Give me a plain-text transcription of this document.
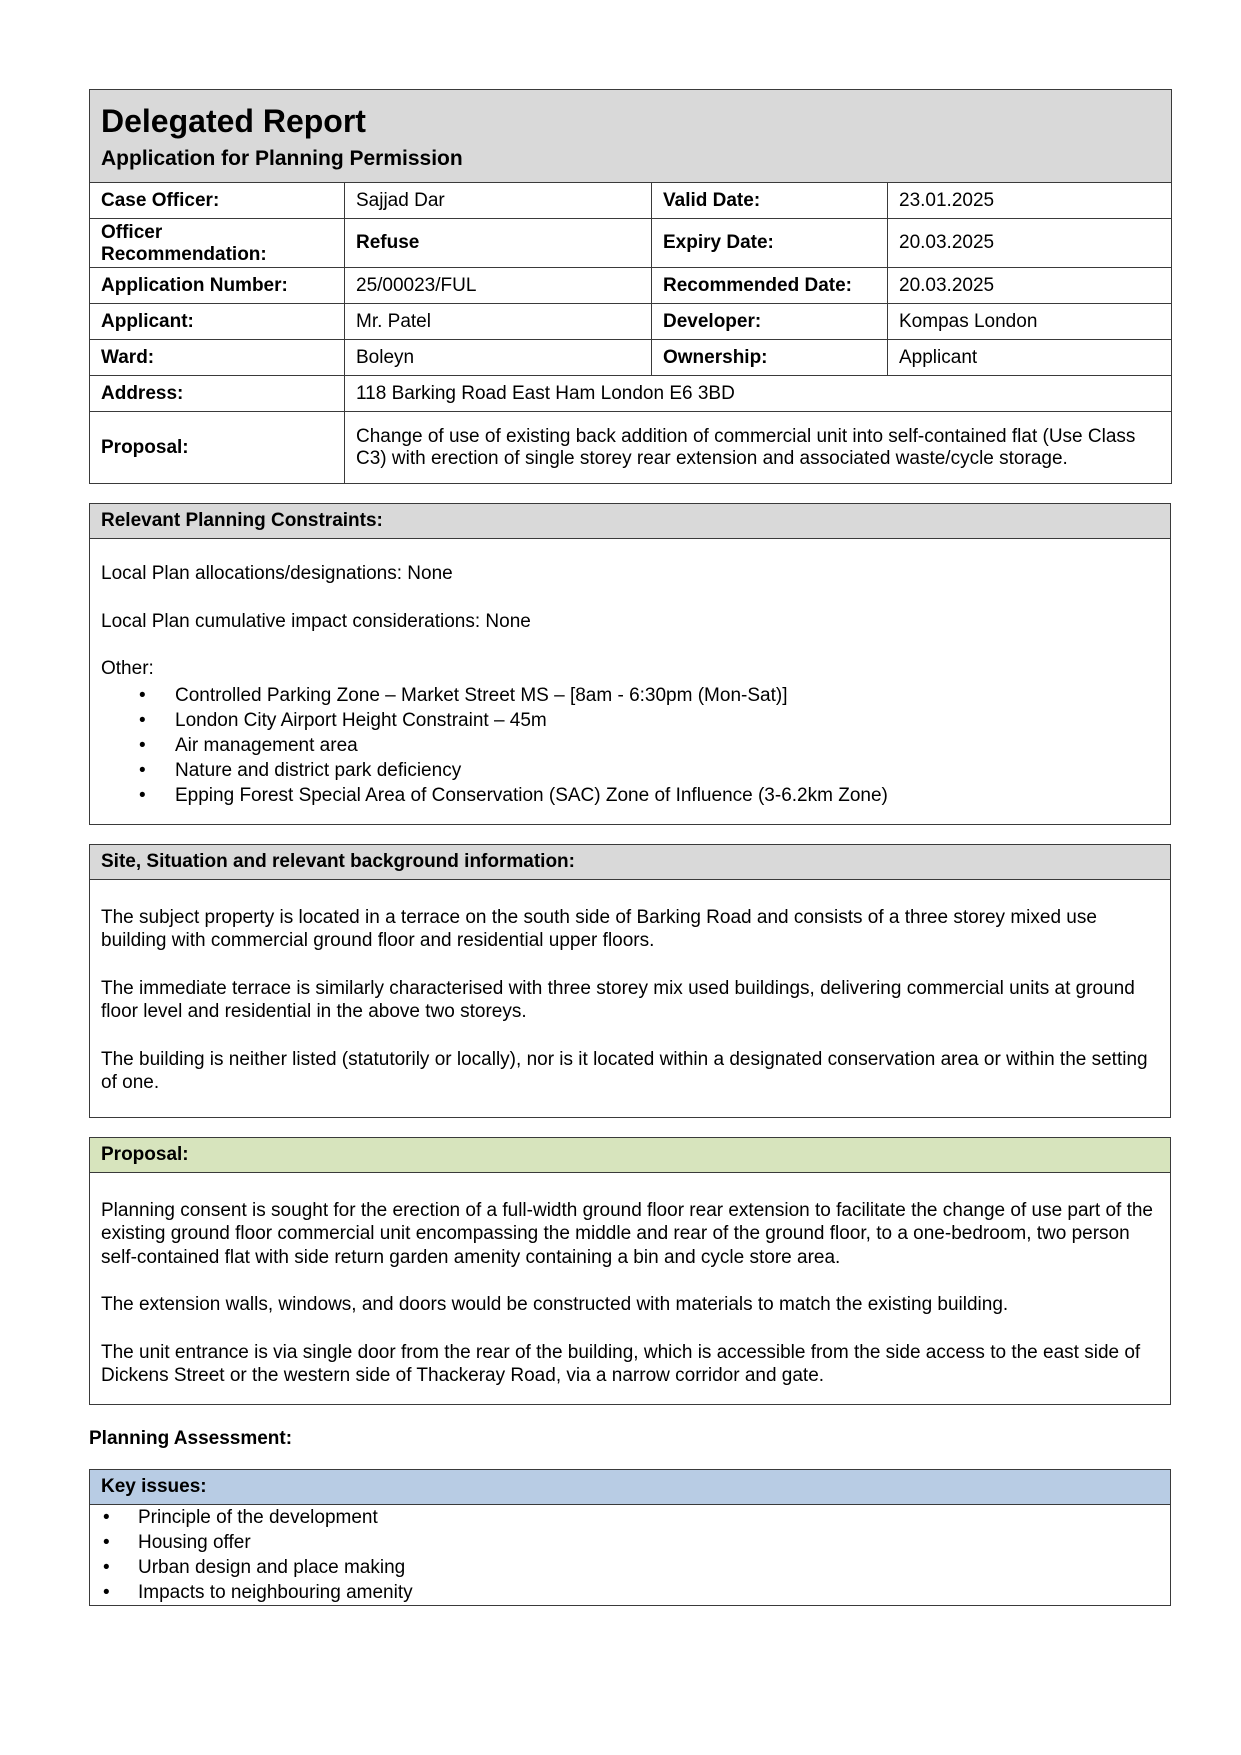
Delegated Report
Application for Planning Permission			

Case Officer:	Sajjad Dar	Valid Date:	23.01.2025
Officer Recommendation:	Refuse	Expiry Date:	20.03.2025
Application Number:	25/00023/FUL	Recommended Date:	20.03.2025
Applicant:	Mr. Patel	Developer:	Kompas London
Ward:	Boleyn	Ownership:	Applicant
Address:	118 Barking Road East Ham London E6 3BD		
Proposal:	Change of use of existing back addition of commercial unit into self-contained flat (Use Class C3) with erection of single storey rear extension and associated waste/cycle storage.		
Relevant Planning Constraints:

Local Plan allocations/designations: None

Local Plan cumulative impact considerations: None

Other:

• Controlled Parking Zone – Market Street MS – [8am - 6:30pm (Mon-Sat)]
• London City Airport Height Constraint – 45m
• Air management area
• Nature and district park deficiency
• Epping Forest Special Area of Conservation (SAC) Zone of Influence (3-6.2km Zone)
Site, Situation and relevant background information:

The subject property is located in a terrace on the south side of Barking Road and consists of a three storey mixed use building with commercial ground floor and residential upper floors.

The immediate terrace is similarly characterised with three storey mix used buildings, delivering commercial units at ground floor level and residential in the above two storeys.

The building is neither listed (statutorily or locally), nor is it located within a designated conservation area or within the setting of one.

Proposal:

Planning consent is sought for the erection of a full-width ground floor rear extension to facilitate the change of use part of the existing ground floor commercial unit encompassing the middle and rear of the ground floor, to a one-bedroom, two person self-contained flat with side return garden amenity containing a bin and cycle store area.

The extension walls, windows, and doors would be constructed with materials to match the existing building.

The unit entrance is via single door from the rear of the building, which is accessible from the side access to the east side of Dickens Street or the western side of Thackeray Road, via a narrow corridor and gate.

Planning Assessment:
Key issues:
• Principle of the development
• Housing offer
• Urban design and place making
• Impacts to neighbouring amenity
